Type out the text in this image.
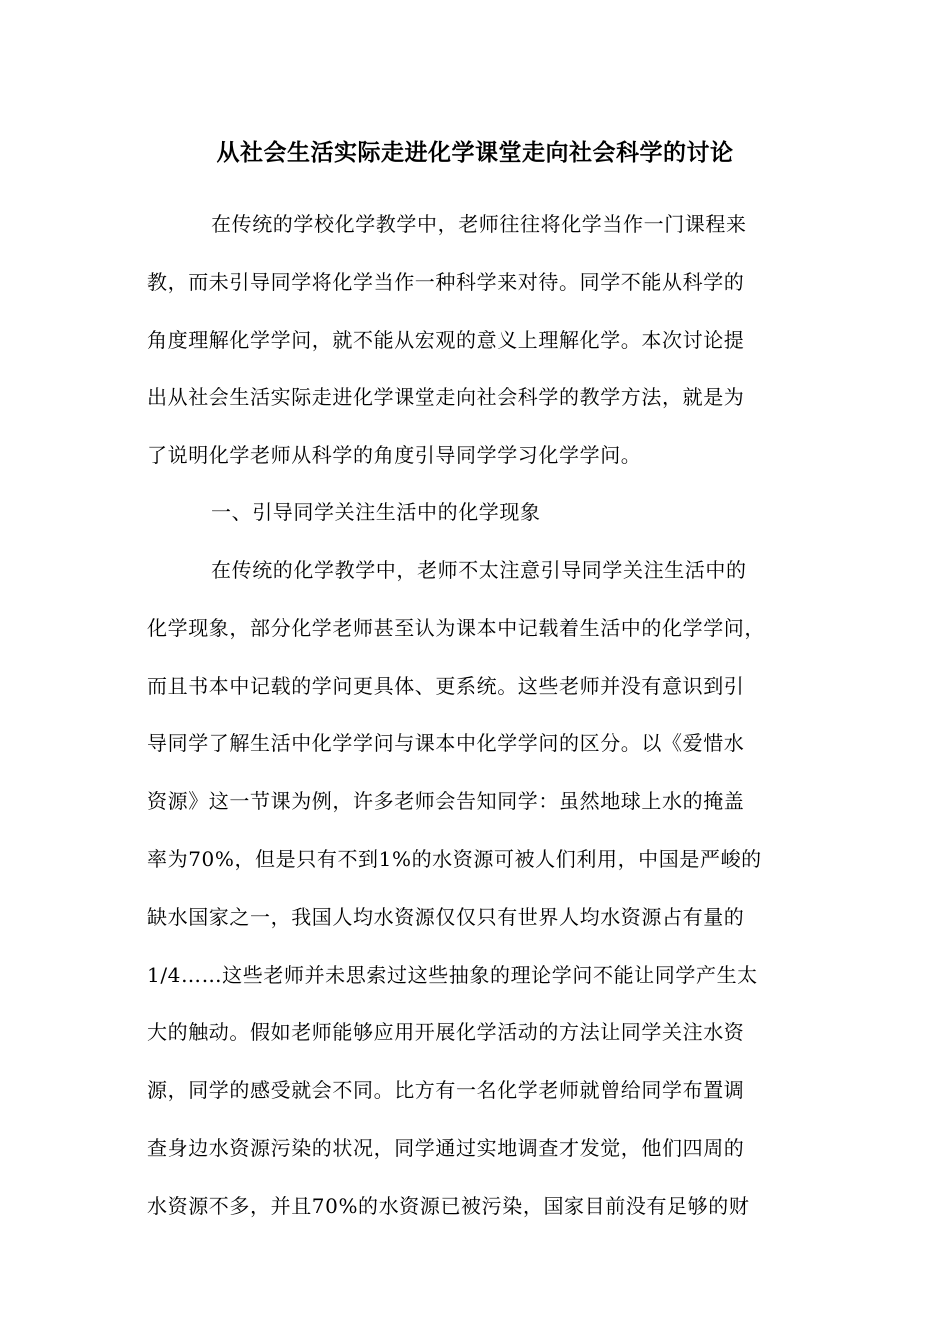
从社会生活实际走进化学课堂走向社会科学的讨论
在传统的学校化学教学中，老师往往将化学当作一门课程来
教，而未引导同学将化学当作一种科学来对待。同学不能从科学的
角度理解化学学问，就不能从宏观的意义上理解化学。本次讨论提
出从社会生活实际走进化学课堂走向社会科学的教学方法，就是为
了说明化学老师从科学的角度引导同学学习化学学问。
一、引导同学关注生活中的化学现象
在传统的化学教学中，老师不太注意引导同学关注生活中的
化学现象，部分化学老师甚至认为课本中记载着生活中的化学学问，
而且书本中记载的学问更具体、更系统。这些老师并没有意识到引
导同学了解生活中化学学问与课本中化学学问的区分。以《爱惜水
资源》这一节课为例，许多老师会告知同学：虽然地球上水的掩盖
率为70%，但是只有不到1%的水资源可被人们利用，中国是严峻的
缺水国家之一，我国人均水资源仅仅只有世界人均水资源占有量的
1/4……这些老师并未思索过这些抽象的理论学问不能让同学产生太
大的触动。假如老师能够应用开展化学活动的方法让同学关注水资
源，同学的感受就会不同。比方有一名化学老师就曾给同学布置调
查身边水资源污染的状况，同学通过实地调查才发觉，他们四周的
水资源不多，并且70%的水资源已被污染，国家目前没有足够的财
